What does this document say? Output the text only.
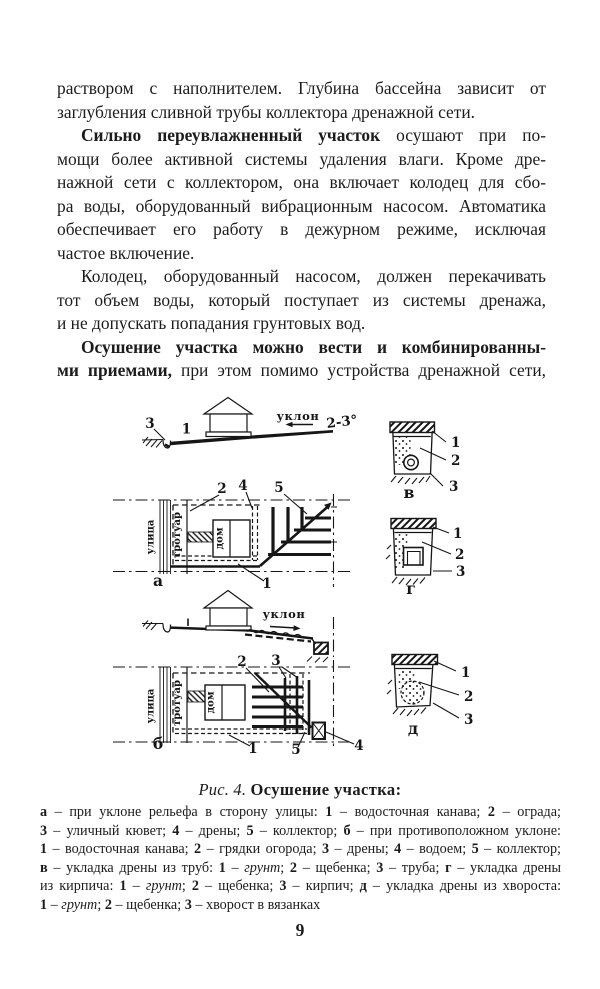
раствором с наполнителем. Глубина бассейна зависит от
заглубления сливной трубы коллектора дренажной сети.
Сильно переувлажненный участок осушают при по-
мощи более активной системы удаления влаги. Кроме дре-
нажной сети с коллектором, она включает колодец для сбо-
ра воды, оборудованный вибрационным насосом. Автоматика
обеспечивает его работу в дежурном режиме, исключая
частое включение.
Колодец, оборудованный насосом, должен перекачивать
тот объем воды, который поступает из системы дренажа,
и не допускать попадания грунтовых вод.
Осушение участка можно вести и комбинированны-
ми приемами, при этом помимо устройства дренажной сети,
3 1
уклон 2-3°
улица тротуар	дом
2 4 5
1
а
уклон
улица тротуар дом
2 3
1 5	4
б
1
2
3
в
1
2
3
г
1
2
3
д
Рис. 4. Осушение участка:
а – при уклоне рельефа в сторону улицы: 1 – водосточная канава; 2 – ограда;
3 – уличный кювет; 4 – дрены; 5 – коллектор; б – при противоположном уклоне:
1 – водосточная канава; 2 – грядки огорода; 3 – дрены; 4 – водоем; 5 – коллектор;
в – укладка дрены из труб: 1 – грунт; 2 – щебенка; 3 – труба; г – укладка дрены
из кирпича: 1 – грунт; 2 – щебенка; 3 – кирпич; д – укладка дрены из хвороста:
1 – грунт; 2 – щебенка; 3 – хворост в вязанках
9
